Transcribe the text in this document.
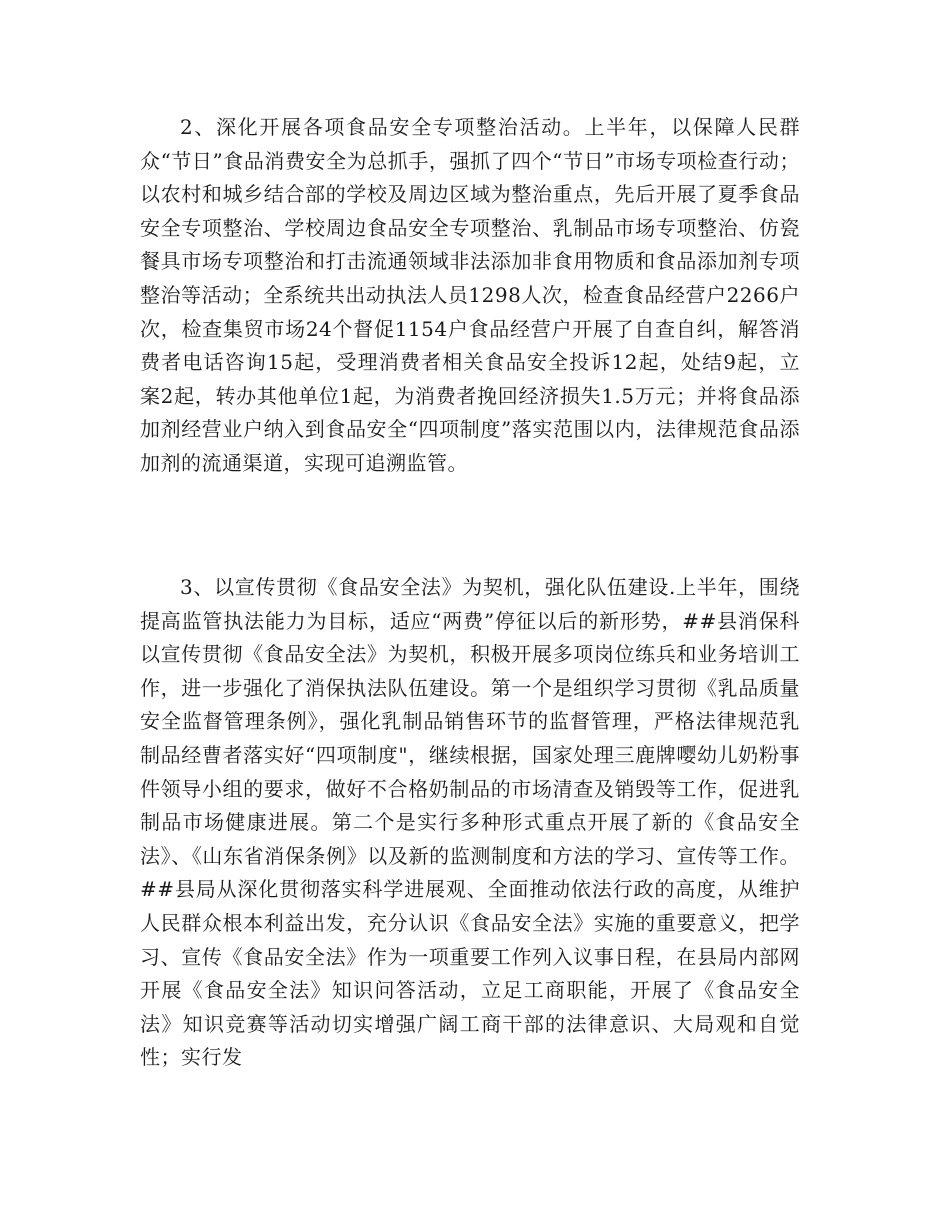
2、深化开展各项食品安全专项整治活动。上半年，以保障人民群众“节日”食品消费安全为总抓手，强抓了四个“节日”市场专项检查行动；以农村和城乡结合部的学校及周边区域为整治重点，先后开展了夏季食品安全专项整治、学校周边食品安全专项整治、乳制品市场专项整治、仿瓷餐具市场专项整治和打击流通领域非法添加非食用物质和食品添加剂专项整治等活动；全系统共出动执法人员1298人次，检查食品经营户2266户次，检查集贸市场24个督促1154户食品经营户开展了自查自纠，解答消费者电话咨询15起，受理消费者相关食品安全投诉12起，处结9起，立案2起，转办其他单位1起，为消费者挽回经济损失1.5万元；并将食品添加剂经营业户纳入到食品安全“四项制度”落实范围以内，法律规范食品添加剂的流通渠道，实现可追溯监管。

3、以宣传贯彻《食品安全法》为契机，强化队伍建设.上半年，围绕提高监管执法能力为目标，适应“两费”停征以后的新形势，##县消保科以宣传贯彻《食品安全法》为契机，积极开展多项岗位练兵和业务培训工作，进一步强化了消保执法队伍建设。第一个是组织学习贯彻《乳品质量安全监督管理条例》，强化乳制品销售环节的监督管理，严格法律规范乳制品经曹者落实好“四项制度"，继续根据，国家处理三鹿牌嘤幼儿奶粉事件领导小组的要求，做好不合格奶制品的市场清查及销毁等工作，促进乳制品市场健康进展。第二个是实行多种形式重点开展了新的《食品安全法》、《山东省消保条例》以及新的监测制度和方法的学习、宣传等工作。##县局从深化贯彻落实科学进展观、全面推动依法行政的高度，从维护人民群众根本利益出发，充分认识《食品安全法》实施的重要意义，把学习、宣传《食品安全法》作为一项重要工作列入议事日程，在县局内部网开展《食品安全法》知识问答活动，立足工商职能，开展了《食品安全法》知识竞赛等活动切实增强广阔工商干部的法律意识、大局观和自觉性；实行发
